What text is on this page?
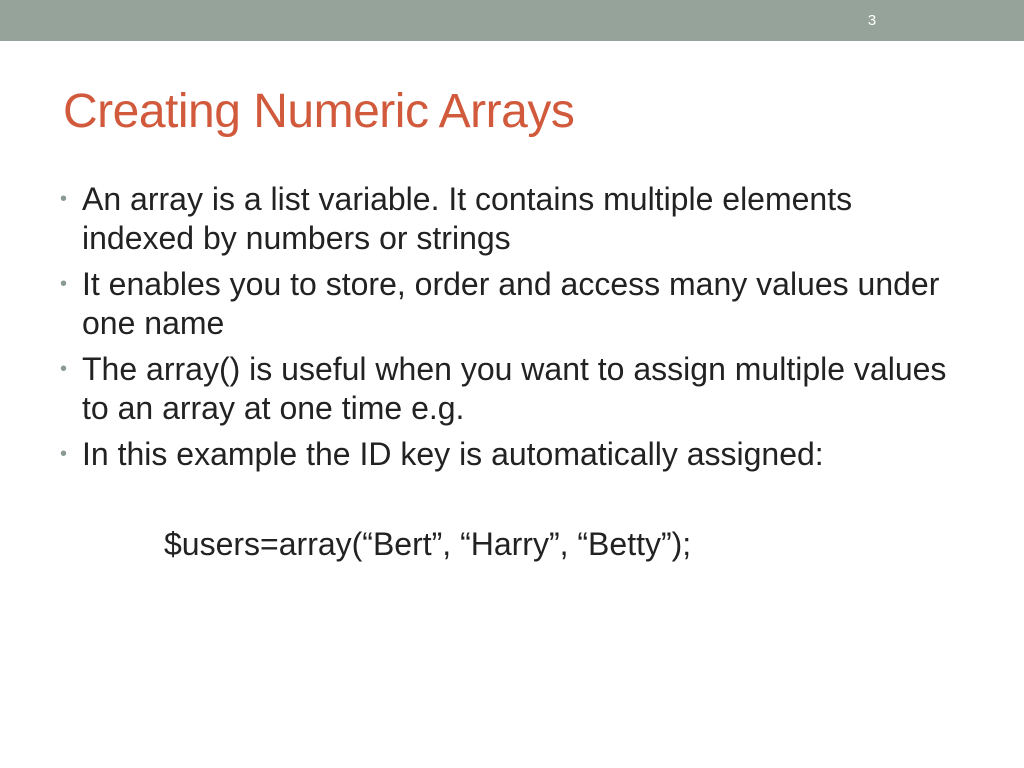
3
Creating Numeric Arrays
• An array is a list variable. It contains multiple elements indexed by numbers or strings
• It enables you to store, order and access many values under one name
• The array() is useful when you want to assign multiple values to an array at one time e.g.
• In this example the ID key is automatically assigned:
$users=array(“Bert”, “Harry”, “Betty”);
